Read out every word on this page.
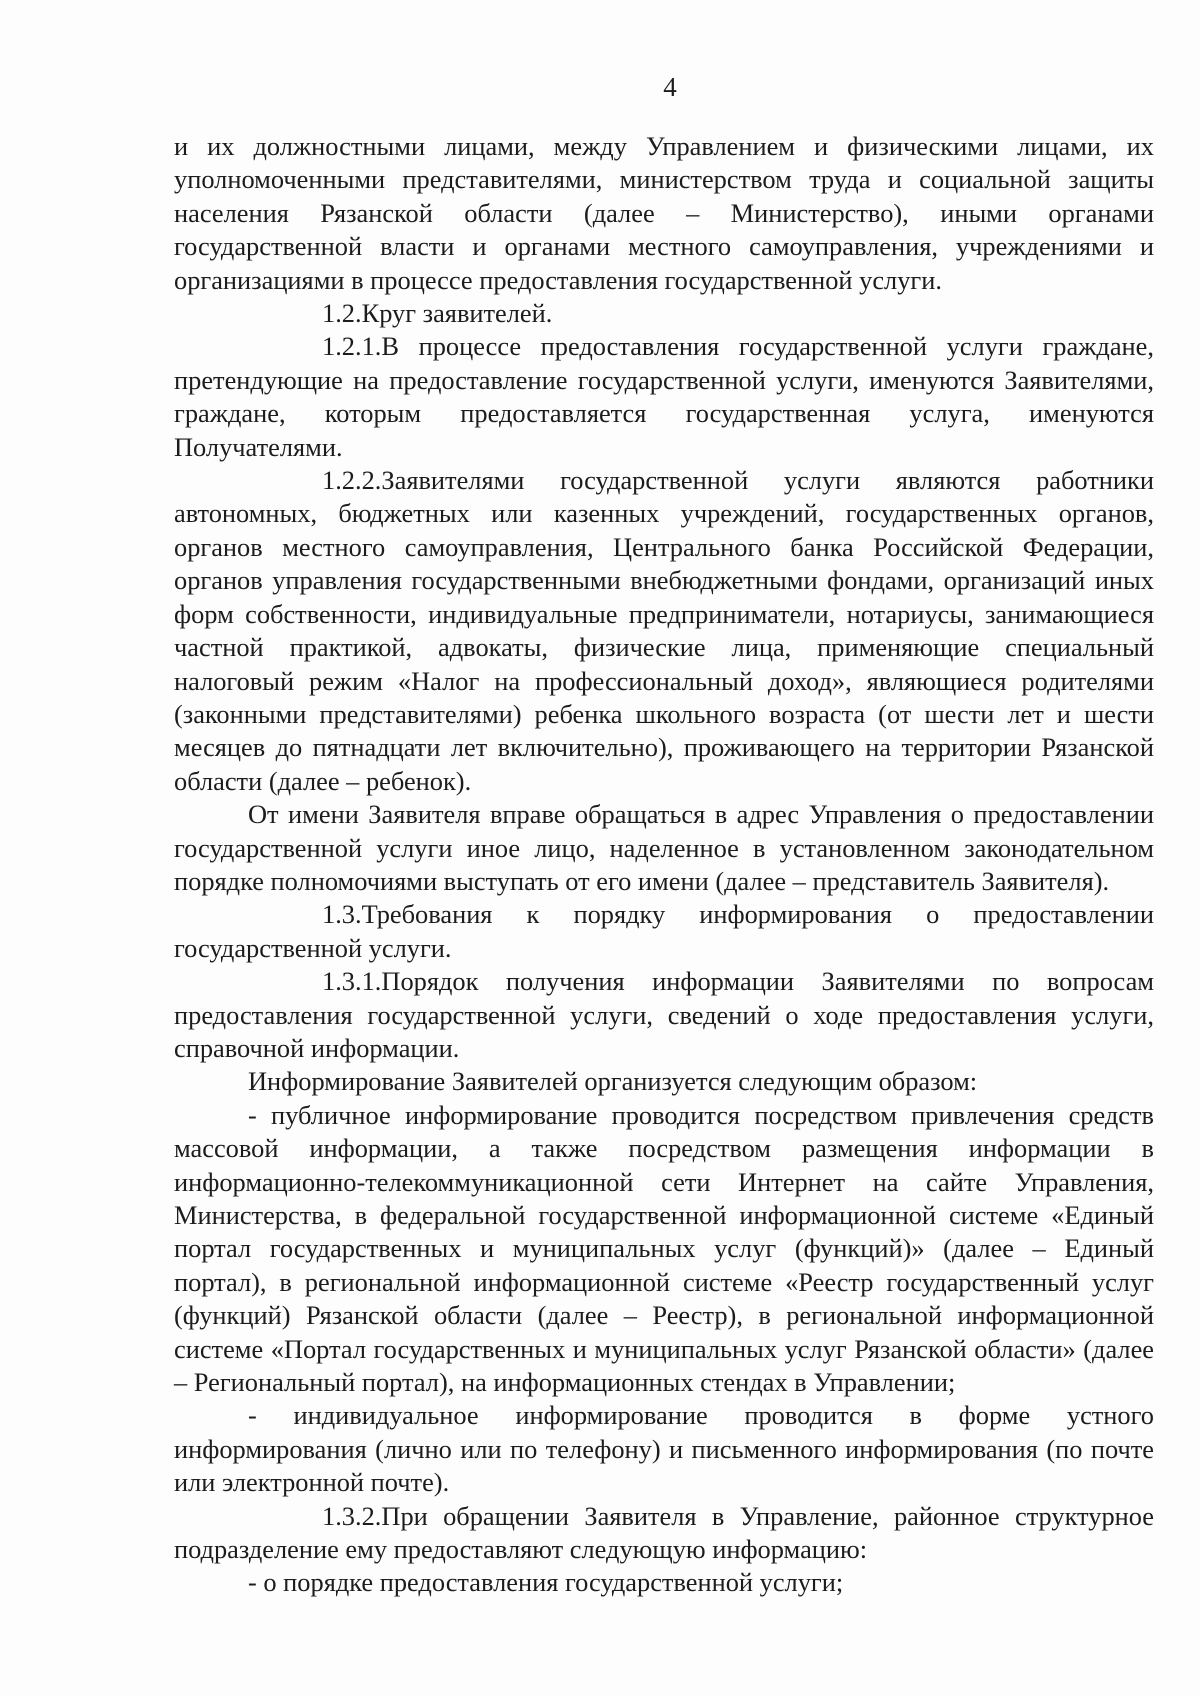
4

и их должностными лицами, между Управлением и физическими лицами, их уполномоченными представителями, министерством труда и социальной защиты населения Рязанской области (далее – Министерство), иными органами государственной власти и органами местного самоуправления, учреждениями и организациями в процессе предоставления государственной услуги.

1.2.Круг заявителей.

1.2.1.В процессе предоставления государственной услуги граждане, претендующие на предоставление государственной услуги, именуются Заявителями, граждане, которым предоставляется государственная услуга, именуются Получателями.

1.2.2.Заявителями государственной услуги являются работники автономных, бюджетных или казенных учреждений, государственных органов, органов местного самоуправления, Центрального банка Российской Федерации, органов управления государственными внебюджетными фондами, организаций иных форм собственности, индивидуальные предприниматели, нотариусы, занимающиеся частной практикой, адвокаты, физические лица, применяющие специальный налоговый режим «Налог на профессиональный доход», являющиеся родителями (законными представителями) ребенка школьного возраста (от шести лет и шести месяцев до пятнадцати лет включительно), проживающего на территории Рязанской области (далее – ребенок).

От имени Заявителя вправе обращаться в адрес Управления о предоставлении государственной услуги иное лицо, наделенное в установленном законодательном порядке полномочиями выступать от его имени (далее – представитель Заявителя).

1.3.Требования к порядку информирования о предоставлении государственной услуги.

1.3.1.Порядок получения информации Заявителями по вопросам предоставления государственной услуги, сведений о ходе предоставления услуги, справочной информации.

Информирование Заявителей организуется следующим образом:

- публичное информирование проводится посредством привлечения средств массовой информации, а также посредством размещения информации в информационно-телекоммуникационной сети Интернет на сайте Управления, Министерства, в федеральной государственной информационной системе «Единый портал государственных и муниципальных услуг (функций)» (далее – Единый портал), в региональной информационной системе «Реестр государственный услуг (функций) Рязанской области (далее – Реестр), в региональной информационной системе «Портал государственных и муниципальных услуг Рязанской области» (далее – Региональный портал), на информационных стендах в Управлении;

- индивидуальное информирование проводится в форме устного информирования (лично или по телефону) и письменного информирования (по почте или электронной почте).

1.3.2.При обращении Заявителя в Управление, районное структурное подразделение ему предоставляют следующую информацию:

- о порядке предоставления государственной услуги;
